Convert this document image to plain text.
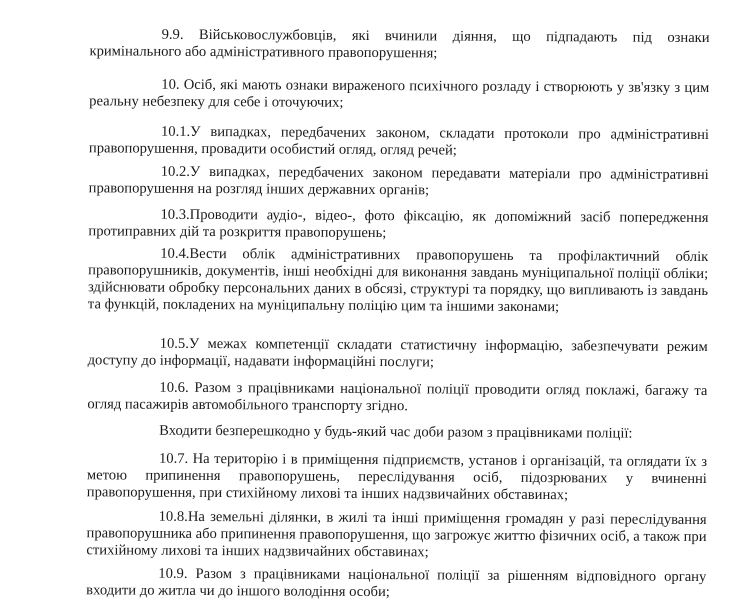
9.9. Військовослужбовців, які вчинили діяння, що підпадають під ознаки кримінального або адміністративного правопорушення;

10. Осіб, які мають ознаки вираженого психічного розладу і створюють у зв'язку з цим реальну небезпеку для себе і оточуючих;

10.1.У випадках, передбачених законом, складати протоколи про адміністративні правопорушення, провадити особистий огляд, огляд речей;

10.2.У випадках, передбачених законом передавати матеріали про адміністративні правопорушення на розгляд інших державних органів;

10.3.Проводити аудіо-, відео-, фото фіксацію, як допоміжний засіб попередження протиправних дій та розкриття правопорушень;

10.4.Вести облік адміністративних правопорушень та профілактичний облік правопорушників, документів, інші необхідні для виконання завдань муніципальної поліції обліки; здійснювати обробку персональних даних в обсязі, структурі та порядку, що випливають із завдань та функцій, покладених на муніципальну поліцію цим та іншими законами;

10.5.У межах компетенції складати статистичну інформацію, забезпечувати режим доступу до інформації, надавати інформаційні послуги;

10.6. Разом з працівниками національної поліції проводити огляд поклажі, багажу та огляд пасажирів автомобільного транспорту згідно.

Входити безперешкодно у будь-який час доби разом з працівниками поліції:

10.7. На територію і в приміщення підприємств, установ і організацій, та оглядати їх з метою припинення правопорушень, переслідування осіб, підозрюваних у вчиненні правопорушення, при стихійному лихові та інших надзвичайних обставинах;

10.8.На земельні ділянки, в жилі та інші приміщення громадян у разі переслідування правопорушника або припинення правопорушення, що загрожує життю фізичних осіб, а також при стихійному лихові та інших надзвичайних обставинах;

10.9. Разом з працівниками національної поліції за рішенням відповідного органу входити до житла чи до іншого володіння особи;
